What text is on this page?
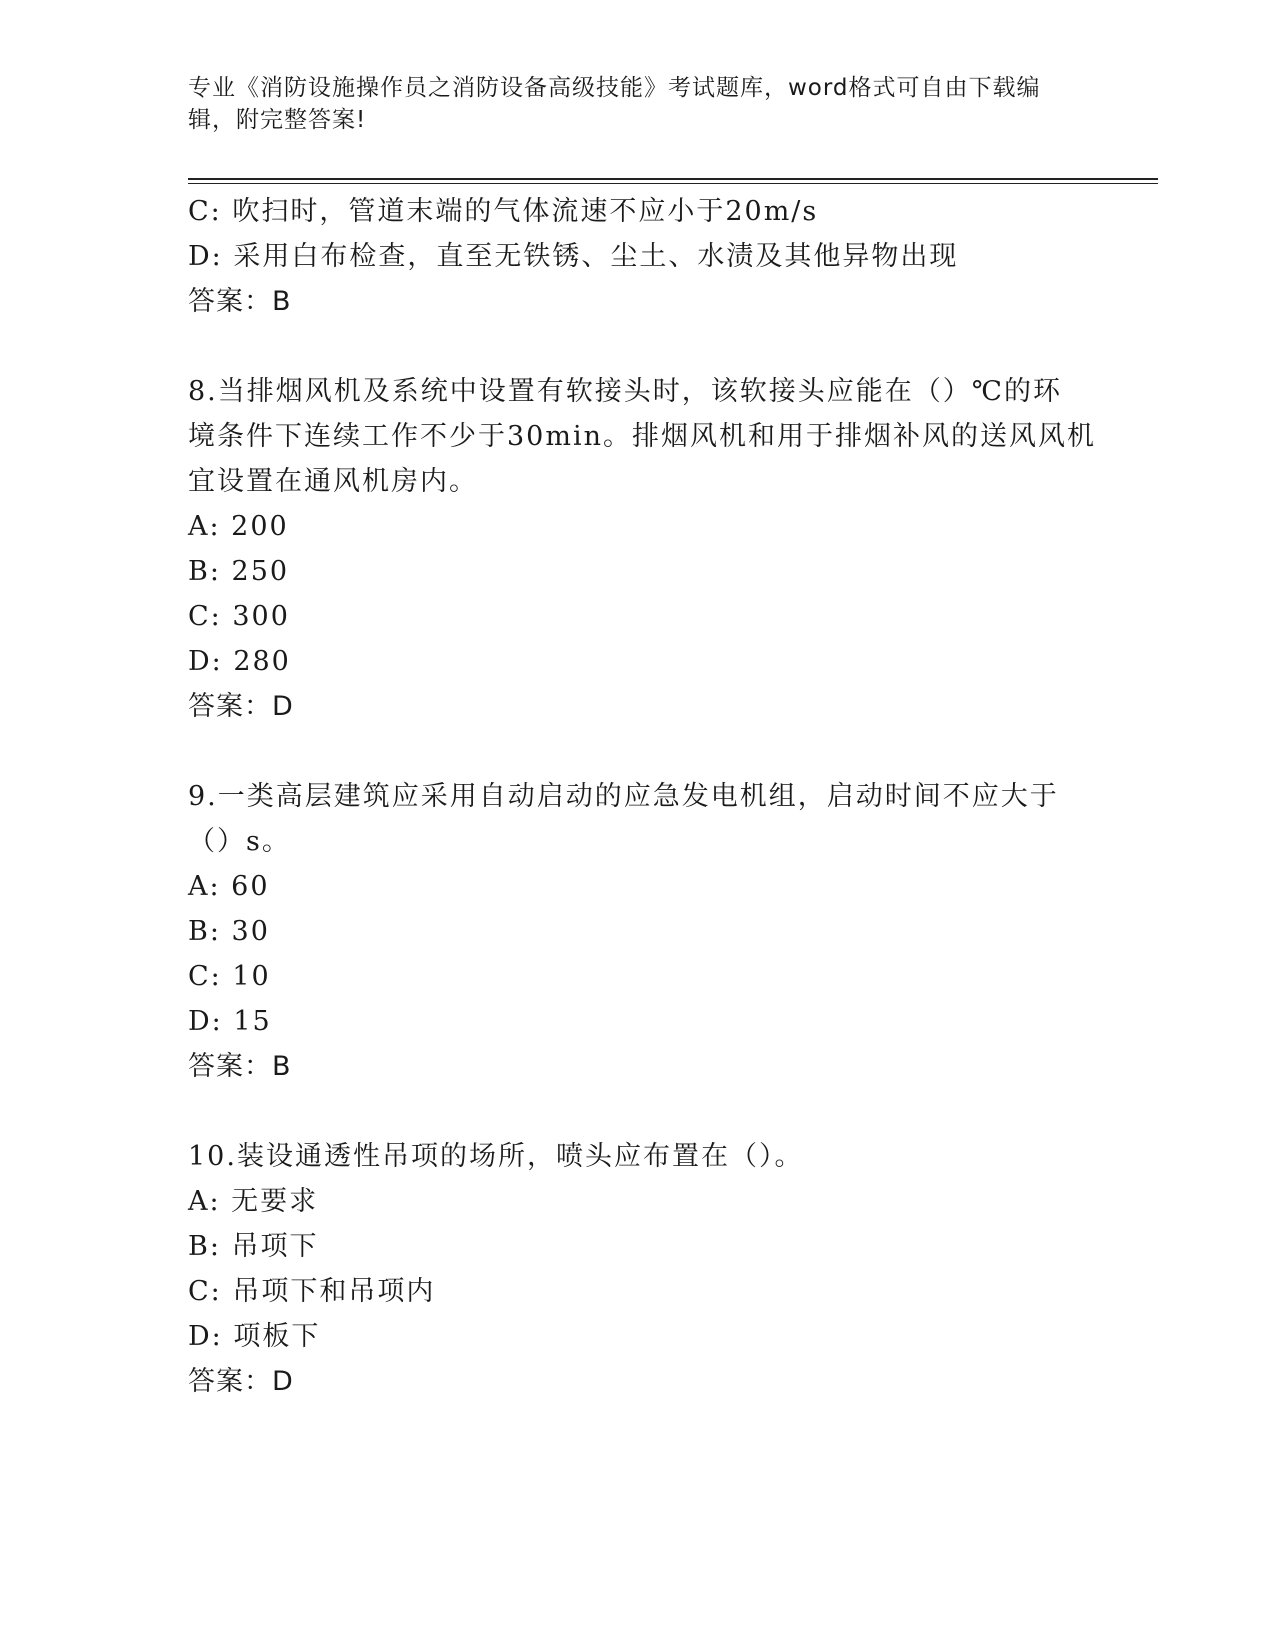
专业《消防设施操作员之消防设备高级技能》考试题库，word格式可自由下载编
辑，附完整答案!
C: 吹扫时，管道末端的气体流速不应小于20m/s
D: 采用白布检查，直至无铁锈、尘土、水渍及其他异物出现
答案：B
8.当排烟风机及系统中设置有软接头时，该软接头应能在（）℃的环
境条件下连续工作不少于30min。排烟风机和用于排烟补风的送风风机
宜设置在通风机房内。
A: 200
B: 250
C: 300
D: 280
答案：D
9.一类高层建筑应采用自动启动的应急发电机组，启动时间不应大于
（）s。
A: 60
B: 30
C: 10
D: 15
答案：B
10.装设通透性吊项的场所，喷头应布置在（）。
A: 无要求
B: 吊项下
C: 吊项下和吊项内
D: 项板下
答案：D
